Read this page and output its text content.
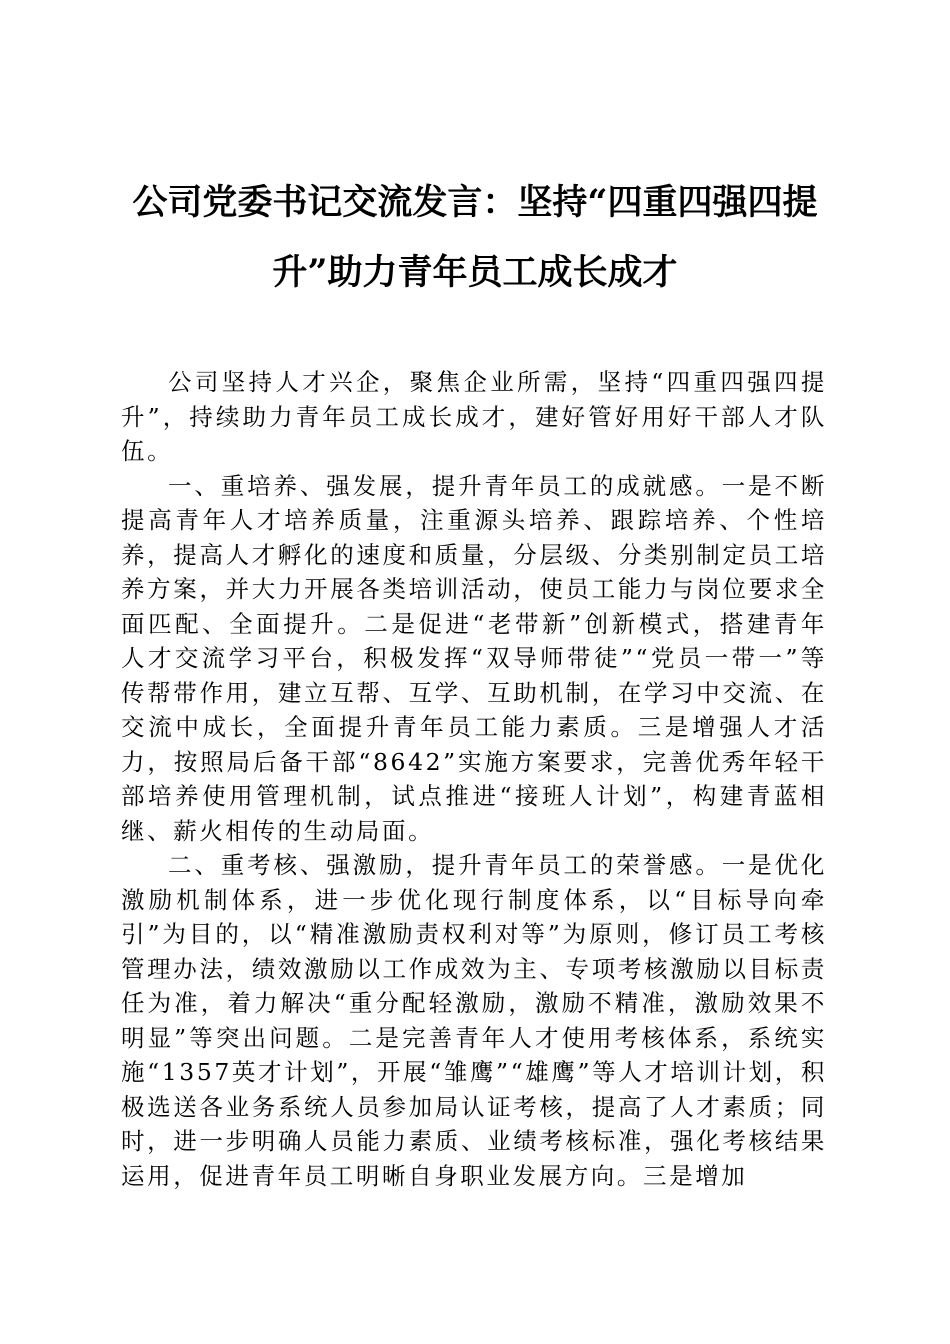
公司党委书记交流发言：坚持“四重四强四提
升”助力青年员工成长成才

公司坚持人才兴企，聚焦企业所需，坚持“四重四强四提升”，持续助力青年员工成长成才，建好管好用好干部人才队伍。

一、重培养、强发展，提升青年员工的成就感。一是不断提高青年人才培养质量，注重源头培养、跟踪培养、个性培养，提高人才孵化的速度和质量，分层级、分类别制定员工培养方案，并大力开展各类培训活动，使员工能力与岗位要求全面匹配、全面提升。二是促进“老带新”创新模式，搭建青年人才交流学习平台，积极发挥“双导师带徒”“党员一带一”等传帮带作用，建立互帮、互学、互助机制，在学习中交流、在交流中成长，全面提升青年员工能力素质。三是增强人才活力，按照局后备干部“8642”实施方案要求，完善优秀年轻干部培养使用管理机制，试点推进“接班人计划”，构建青蓝相继、薪火相传的生动局面。

二、重考核、强激励，提升青年员工的荣誉感。一是优化激励机制体系，进一步优化现行制度体系，以“目标导向牵引”为目的，以“精准激励责权利对等”为原则，修订员工考核管理办法，绩效激励以工作成效为主、专项考核激励以目标责任为准，着力解决“重分配轻激励，激励不精准，激励效果不明显”等突出问题。二是完善青年人才使用考核体系，系统实施“1357英才计划”，开展“雏鹰”“雄鹰”等人才培训计划，积极选送各业务系统人员参加局认证考核，提高了人才素质；同时，进一步明确人员能力素质、业绩考核标准，强化考核结果运用，促进青年员工明晰自身职业发展方向。三是增加
